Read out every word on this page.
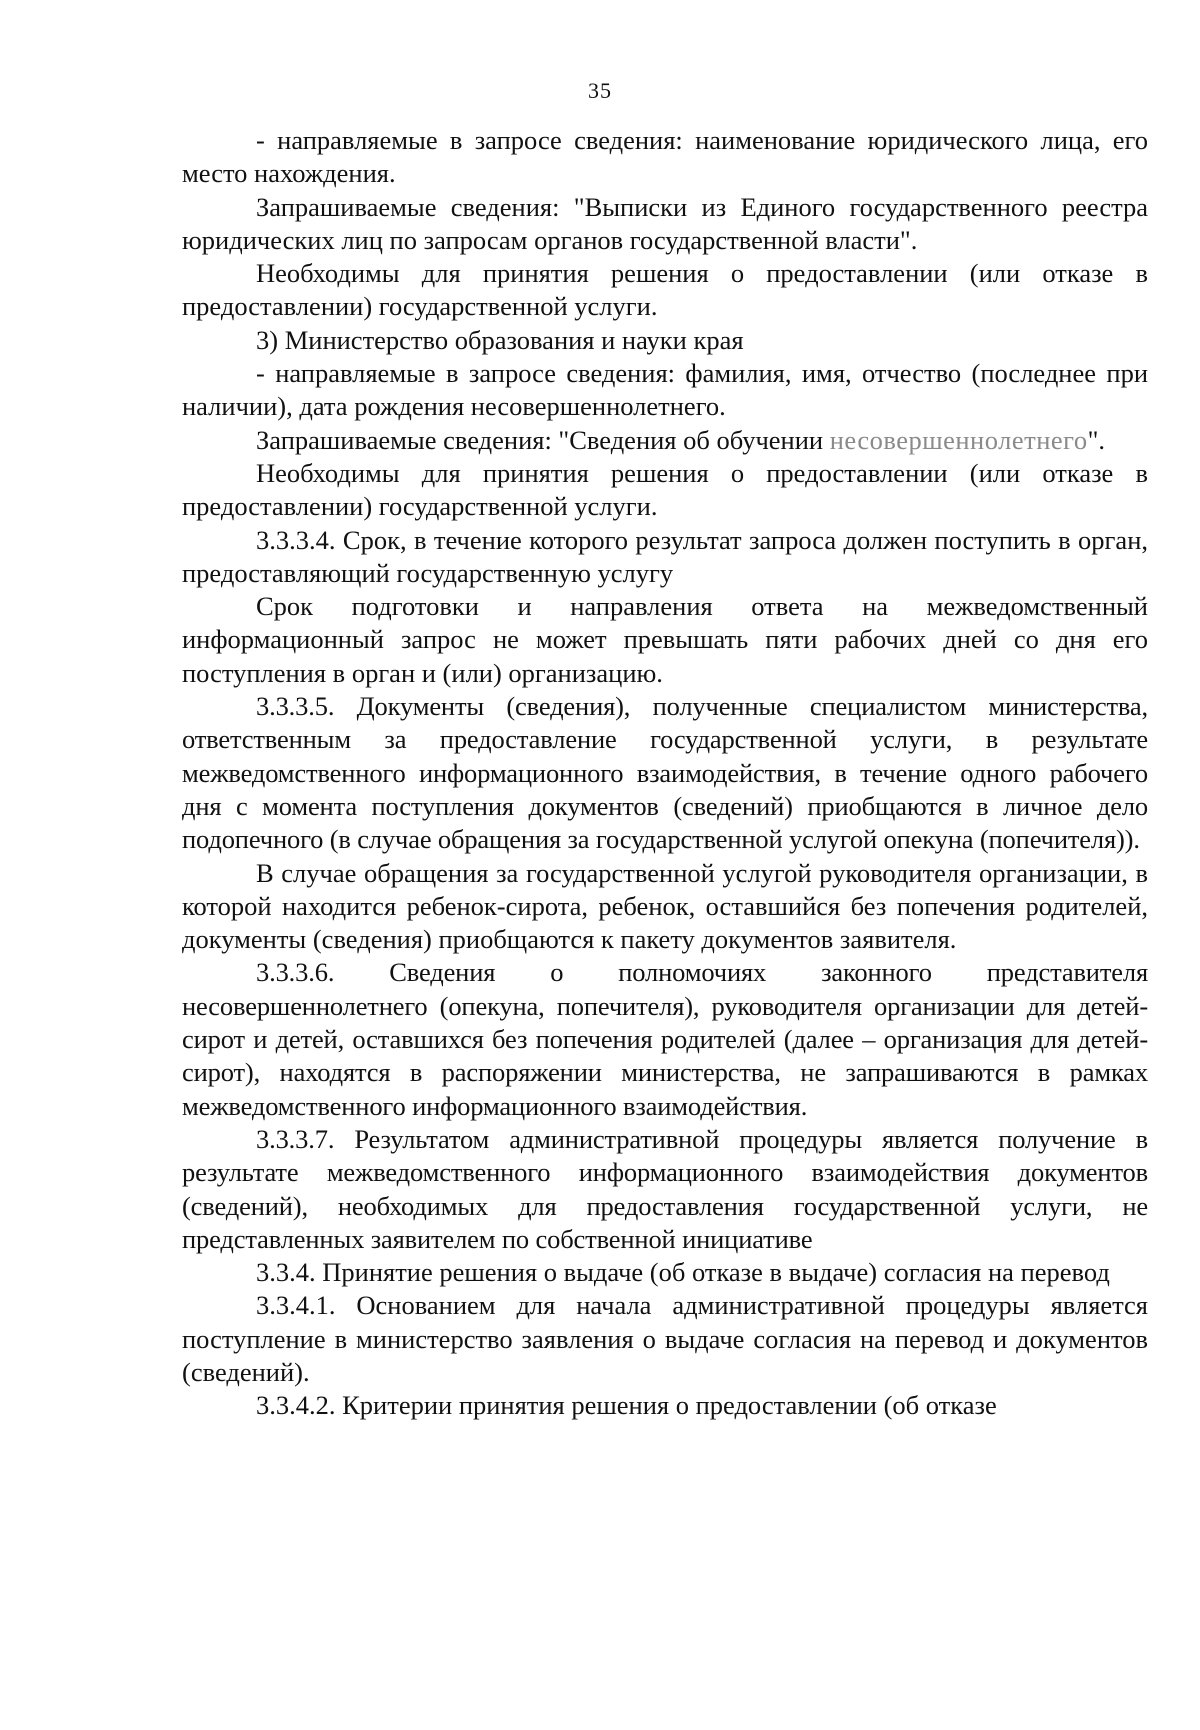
35

- направляемые в запросе сведения: наименование юридического лица, его место нахождения.

Запрашиваемые сведения: "Выписки из Единого государственного реестра юридических лиц по запросам органов государственной власти".

Необходимы для принятия решения о предоставлении (или отказе в предоставлении) государственной услуги.

3) Министерство образования и науки края

- направляемые в запросе сведения: фамилия, имя, отчество (последнее при наличии), дата рождения несовершеннолетнего.

Запрашиваемые сведения: "Сведения об обучении несовершеннолетнего".

Необходимы для принятия решения о предоставлении (или отказе в предоставлении) государственной услуги.

3.3.3.4. Срок, в течение которого результат запроса должен поступить в орган, предоставляющий государственную услугу

Срок подготовки и направления ответа на межведомственный информационный запрос не может превышать пяти рабочих дней со дня его поступления в орган и (или) организацию.

3.3.3.5. Документы (сведения), полученные специалистом министерства, ответственным за предоставление государственной услуги, в результате межведомственного информационного взаимодействия, в течение одного рабочего дня с момента поступления документов (сведений) приобщаются в личное дело подопечного (в случае обращения за государственной услугой опекуна (попечителя)).

В случае обращения за государственной услугой руководителя организации, в которой находится ребенок-сирота, ребенок, оставшийся без попечения родителей, документы (сведения) приобщаются к пакету документов заявителя.

3.3.3.6. Сведения о полномочиях законного представителя несовершеннолетнего (опекуна, попечителя), руководителя организации для детей-сирот и детей, оставшихся без попечения родителей (далее – организация для детей-сирот), находятся в распоряжении министерства, не запрашиваются в рамках межведомственного информационного взаимодействия.

3.3.3.7. Результатом административной процедуры является получение в результате межведомственного информационного взаимодействия документов (сведений), необходимых для предоставления государственной услуги, не представленных заявителем по собственной инициативе

3.3.4. Принятие решения о выдаче (об отказе в выдаче) согласия на перевод

3.3.4.1. Основанием для начала административной процедуры является поступление в министерство заявления о выдаче согласия на перевод и документов (сведений).

3.3.4.2. Критерии принятия решения о предоставлении (об отказе
